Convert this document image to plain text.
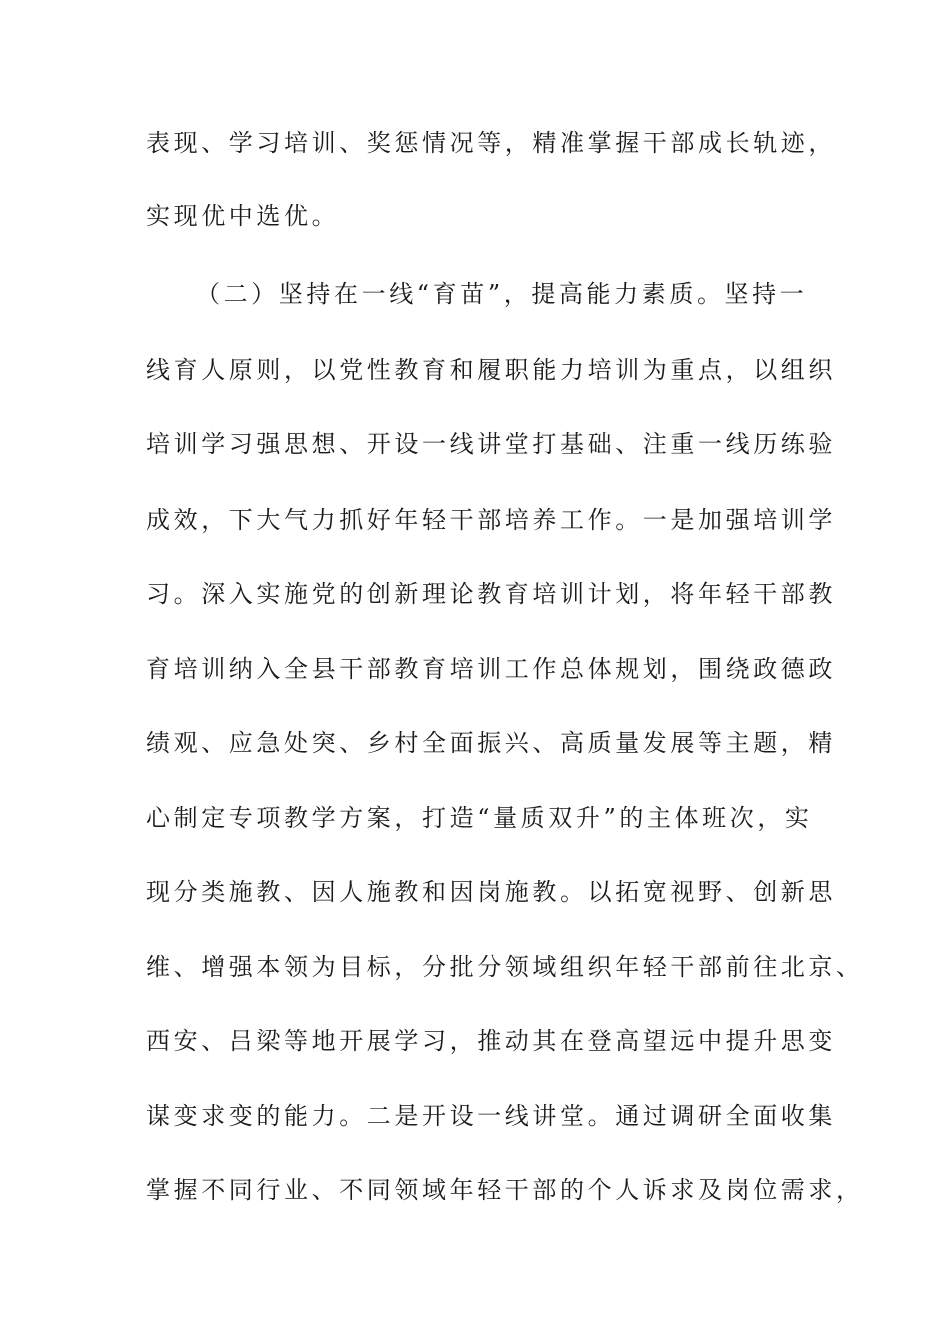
表现、学习培训、奖惩情况等，精准掌握干部成长轨迹，
实现优中选优。
（二）坚持在一线“育苗”，提高能力素质。坚持一
线育人原则，以党性教育和履职能力培训为重点，以组织
培训学习强思想、开设一线讲堂打基础、注重一线历练验
成效，下大气力抓好年轻干部培养工作。一是加强培训学
习。深入实施党的创新理论教育培训计划，将年轻干部教
育培训纳入全县干部教育培训工作总体规划，围绕政德政
绩观、应急处突、乡村全面振兴、高质量发展等主题，精
心制定专项教学方案，打造“量质双升”的主体班次，实
现分类施教、因人施教和因岗施教。以拓宽视野、创新思
维、增强本领为目标，分批分领域组织年轻干部前往北京、
西安、吕梁等地开展学习，推动其在登高望远中提升思变
谋变求变的能力。二是开设一线讲堂。通过调研全面收集
掌握不同行业、不同领域年轻干部的个人诉求及岗位需求，
